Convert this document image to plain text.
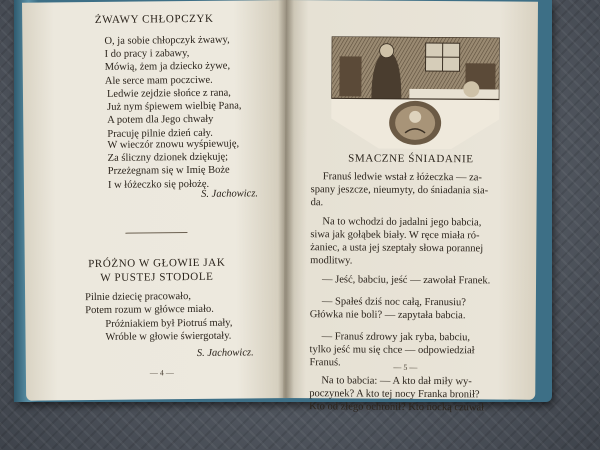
ŻWAWY CHŁOPCZYK
O, ja sobie chłopczyk żwawy,
I do pracy i zabawy,
Mówią, żem ja dziecko żywe,
Ale serce mam poczciwe.
Ledwie zejdzie słońce z rana,
Już nym śpiewem wielbię Pana,
A potem dla Jego chwały
Pracuję pilnie dzień cały.
W wieczór znowu wyśpiewuję,
Za śliczny dzionek dziękuję;
Przeżegnam się w Imię Boże
I w łóżeczko się położę.

S. Jachowicz.

PRÓŻNO W GŁOWIE JAK
W PUSTEJ STODOLE
Pilnie dziecię pracowało,
Potem rozum w główce miało.
Próżniakiem był Piotruś mały,
Wróble w głowie świergotały.

S. Jachowicz.

— 4 —
SMACZNE ŚNIADANIE
Franuś ledwie wstał z łóżeczka — za-
spany jeszcze, nieumyty, do śniadania sia-
da.
Na to wchodzi do jadalni jego babcia,
siwa jak gołąbek biały. W ręce miała ró-
żaniec, a usta jej szeptały słowa porannej
modlitwy.
— Jeść, babciu, jeść — zawołał Franek.
— Spałeś dziś noc całą, Franusiu?
Główka nie boli? — zapytała babcia.
— Franuś zdrowy jak ryba, babciu,
tylko jeść mu się chce — odpowiedział
Franuś.
Na to babcia: — A kto dał miły wy-
poczynek? A kto tej nocy Franka bronił?
Kto od złego ochronił? Kto nocką czuwał
— 5 —
